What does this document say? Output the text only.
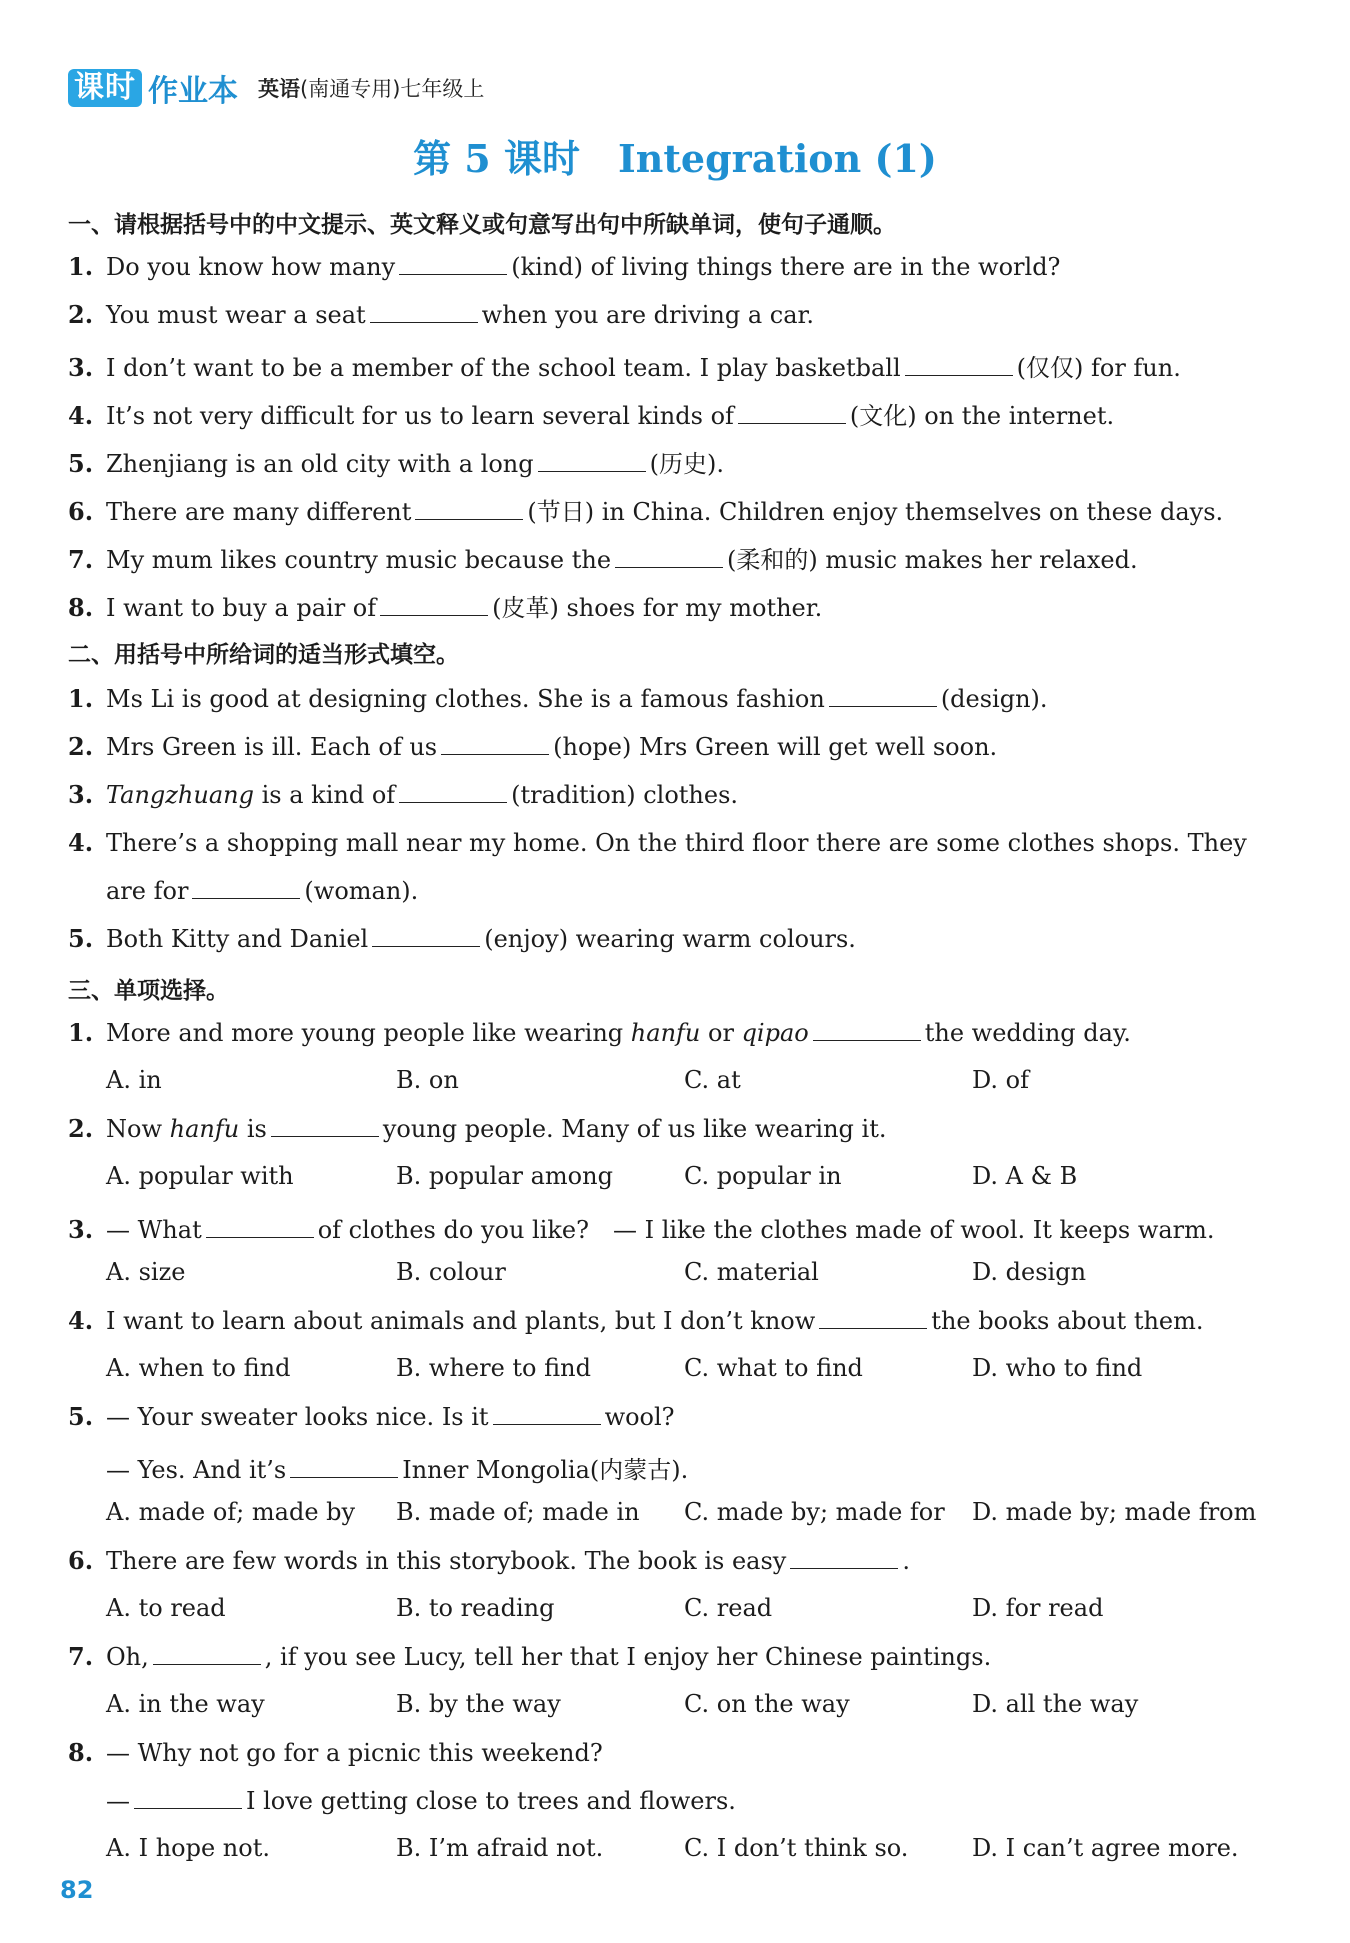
课时 作业本 英语(南通专用)七年级上
第 5 课时　Integration (1)
一、请根据括号中的中文提示、英文释义或句意写出句中所缺单词，使句子通顺。
1. Do you know how many	(kind) of living things there are in the world?
2. You must wear a seat	when you are driving a car.
3. I don’t want to be a member of the school team. I play basketball	(仅仅) for fun.
4. It’s not very difficult for us to learn several kinds of	(文化) on the internet.
5. Zhenjiang is an old city with a long	(历史).
6. There are many different	(节日) in China. Children enjoy themselves on these days.
7. My mum likes country music because the	(柔和的) music makes her relaxed.
8. I want to buy a pair of	(皮革) shoes for my mother.
二、用括号中所给词的适当形式填空。
1. Ms Li is good at designing clothes. She is a famous fashion	(design).
2. Mrs Green is ill. Each of us	(hope) Mrs Green will get well soon.
3. Tangzhuang is a kind of	(tradition) clothes.
4. There’s a shopping mall near my home. On the third floor there are some clothes shops. They
are for	(woman).
5. Both Kitty and Daniel	(enjoy) wearing warm colours.
三、单项选择。
1. More and more young people like wearing hanfu or qipao	the wedding day.
A. in	B. on	C. at	D. of
2. Now hanfu is	young people. Many of us like wearing it.
A. popular with	B. popular among	C. popular in	D. A & B
3. — What	of clothes do you like?　— I like the clothes made of wool. It keeps warm.
A. size	B. colour	C. material	D. design
4. I want to learn about animals and plants, but I don’t know	the books about them.
A. when to find	B. where to find	C. what to find	D. who to find
5. — Your sweater looks nice. Is it	wool?
— Yes. And it’s	Inner Mongolia(内蒙古).
A. made of; made by B. made of; made in C. made by; made for D. made by; made from
6. There are few words in this storybook. The book is easy	.
A. to read	B. to reading	C. read	D. for read
7. Oh,	, if you see Lucy, tell her that I enjoy her Chinese paintings.
A. in the way	B. by the way	C. on the way	D. all the way
8. — Why not go for a picnic this weekend?
—	I love getting close to trees and flowers.
A. I hope not.	B. I’m afraid not.	C. I don’t think so.	D. I can’t agree more.
82
